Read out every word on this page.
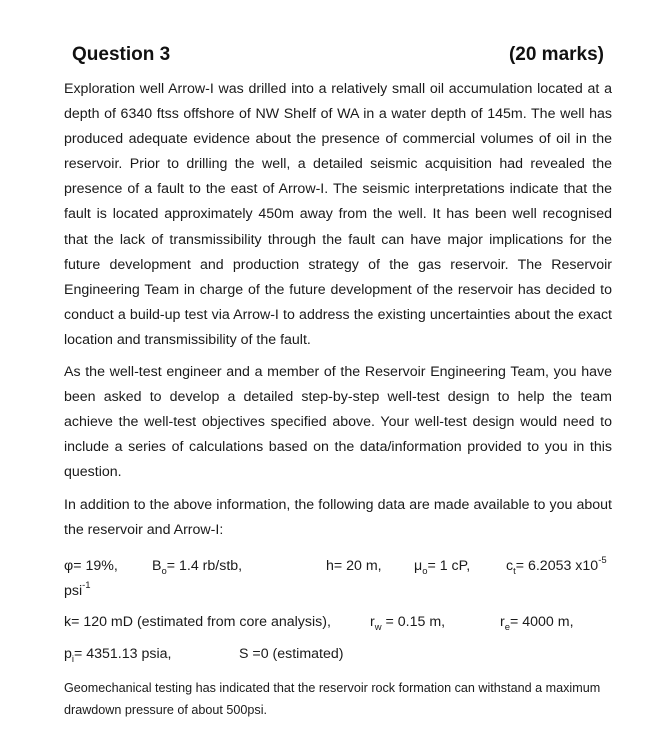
Question 3	(20 marks)

Exploration well Arrow-I was drilled into a relatively small oil accumulation located at a depth of 6340 ftss offshore of NW Shelf of WA in a water depth of 145m. The well has produced adequate evidence about the presence of commercial volumes of oil in the reservoir. Prior to drilling the well, a detailed seismic acquisition had revealed the presence of a fault to the east of Arrow-I. The seismic interpretations indicate that the fault is located approximately 450m away from the well. It has been well recognised that the lack of transmissibility through the fault can have major implications for the future development and production strategy of the gas reservoir. The Reservoir Engineering Team in charge of the future development of the reservoir has decided to conduct a build-up test via Arrow-I to address the existing uncertainties about the exact location and transmissibility of the fault.

As the well-test engineer and a member of the Reservoir Engineering Team, you have been asked to develop a detailed step-by-step well-test design to help the team achieve the well-test objectives specified above. Your well-test design would need to include a series of calculations based on the data/information provided to you in this question.

In addition to the above information, the following data are made available to you about the reservoir and Arrow-I:

φ= 19%, $B_o= 1.4$ rb/stb,	h= 20 m, $\mu_o= 1$ cP,	$c_t= 6.2053$ $x10^{-5}$
psi$^{-1}$
k= 120 mD (estimated from core analysis),	$r_w = 0.15$ m,	$r_e= 4000$ m,
$p_i= 4351.13$ psia,	S =0 (estimated)

Geomechanical testing has indicated that the reservoir rock formation can withstand a maximum drawdown pressure of about 500psi.
